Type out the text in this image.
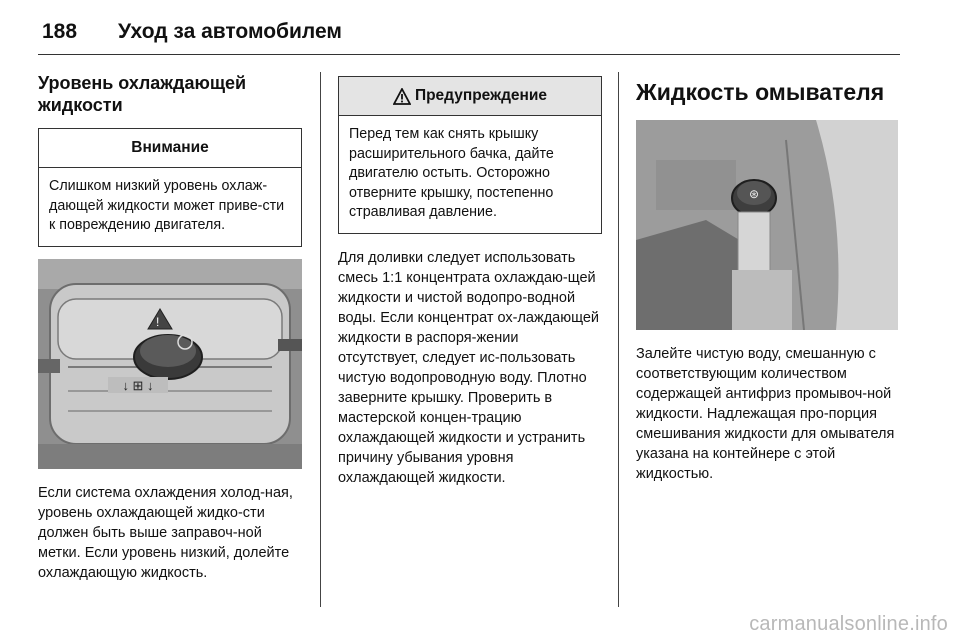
188 Уход за автомобилем
Уровень охлаждающей жидкости
Внимание
Слишком низкий уровень охлаж-дающей жидкости может приве-сти к повреждению двигателя.
!
↓ ⊞ ↓

Если система охлаждения холод-ная, уровень охлаждающей жидко-сти должен быть выше заправоч-ной метки. Если уровень низкий, долейте охлаждающую жидкость.

Предупреждение
Перед тем как снять крышку расширительного бачка, дайте двигателю остыть. Осторожно отверните крышку, постепенно стравливая давление.

Для доливки следует использовать смесь 1:1 концентрата охлаждаю-щей жидкости и чистой водопро-водной воды. Если концентрат ох-лаждающей жидкости в распоря-жении отсутствует, следует ис-пользовать чистую водопроводную воду. Плотно заверните крышку. Проверить в мастерской концен-трацию охлаждающей жидкости и устранить причину убывания уровня охлаждающей жидкости.

Жидкость омывателя
⊛

Залейте чистую воду, смешанную с соответствующим количеством содержащей антифриз промывоч-ной жидкости. Надлежащая про-порция смешивания жидкости для омывателя указана на контейнере с этой жидкостью.

carmanualsonline.info
